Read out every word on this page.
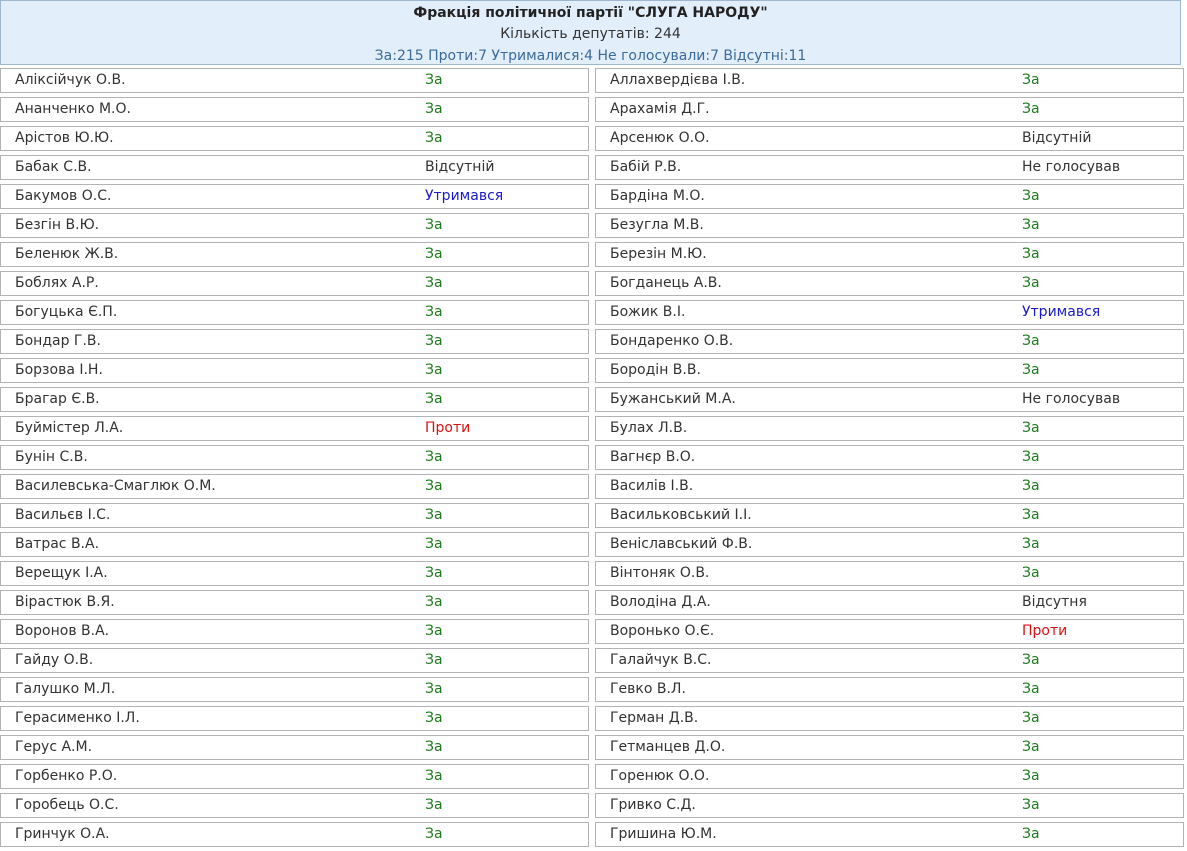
Фракція політичної партії "СЛУГА НАРОДУ"
Кількість депутатів: 244
За:215 Проти:7 Утрималися:4 Не голосували:7 Відсутні:11
Аліксійчук О.В.	За
Ананченко М.О.	За
Арістов Ю.Ю.	За
Бабак С.В.	Відсутній
Бакумов О.С.	Утримався
Безгін В.Ю.	За
Беленюк Ж.В.	За
Боблях А.Р.	За
Богуцька Є.П.	За
Бондар Г.В.	За
Борзова І.Н.	За
Брагар Є.В.	За
Буймістер Л.А.	Проти
Бунін С.В.	За
Василевська-Смаглюк О.М.	За
Васильєв І.С.	За
Ватрас В.А.	За
Верещук І.А.	За
Вірастюк В.Я.	За
Воронов В.А.	За
Гайду О.В.	За
Галушко М.Л.	За
Герасименко І.Л.	За
Герус А.М.	За
Горбенко Р.О.	За
Горобець О.С.	За
Гринчук О.А.	За
Аллахвердієва І.В.	За
Арахамія Д.Г.	За
Арсенюк О.О.	Відсутній
Бабій Р.В.	Не голосував
Бардіна М.О.	За
Безугла М.В.	За
Березін М.Ю.	За
Богданець А.В.	За
Божик В.І.	Утримався
Бондаренко О.В.	За
Бородін В.В.	За
Бужанський М.А.	Не голосував
Булах Л.В.	За
Вагнєр В.О.	За
Василів І.В.	За
Васильковський І.І.	За
Веніславський Ф.В.	За
Вінтоняк О.В.	За
Володіна Д.А.	Відсутня
Воронько О.Є.	Проти
Галайчук В.С.	За
Гевко В.Л.	За
Герман Д.В.	За
Гетманцев Д.О.	За
Горенюк О.О.	За
Гривко С.Д.	За
Гришина Ю.М.	За
